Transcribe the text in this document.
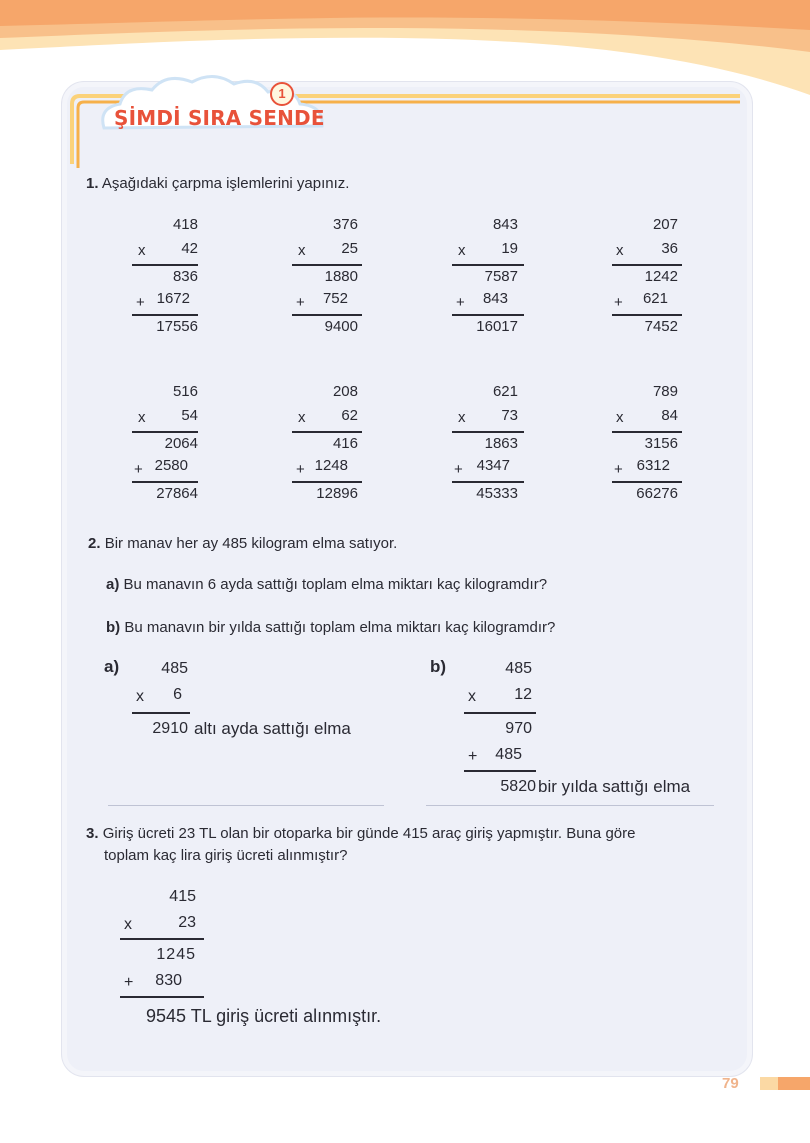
1
ŞİMDİ SIRA SENDE
1. Aşağıdaki çarpma işlemlerini yapınız.
418
x 42
836
+ 1672
17556
376
x 25
1880
+ 752
9400
843
x 19
7587
+ 843
16017
207
x	36
1242
+ 621
7452
516
x 54
2064
+ 2580
27864
208
x 62
416
+ 1248
12896
621
x 73
1863
+ 4347
45333
789
x	84
3156
+ 6312
66276
2. Bir manav her ay 485 kilogram elma satıyor.
a) Bu manavın 6 ayda sattığı toplam elma miktarı kaç kilogramdır?
b) Bu manavın bir yılda sattığı toplam elma miktarı kaç kilogramdır?
a)	485
x 6
2910 altı ayda sattığı elma
b)	485
x 12
970
+ 485
5820 bir yılda sattığı elma
3. Giriş ücreti 23 TL olan bir otoparka bir günde 415 araç giriş yapmıştır. Buna göre
toplam kaç lira giriş ücreti alınmıştır?
415
x	23
1245
+ 830
9545 TL giriş ücreti alınmıştır.
79
